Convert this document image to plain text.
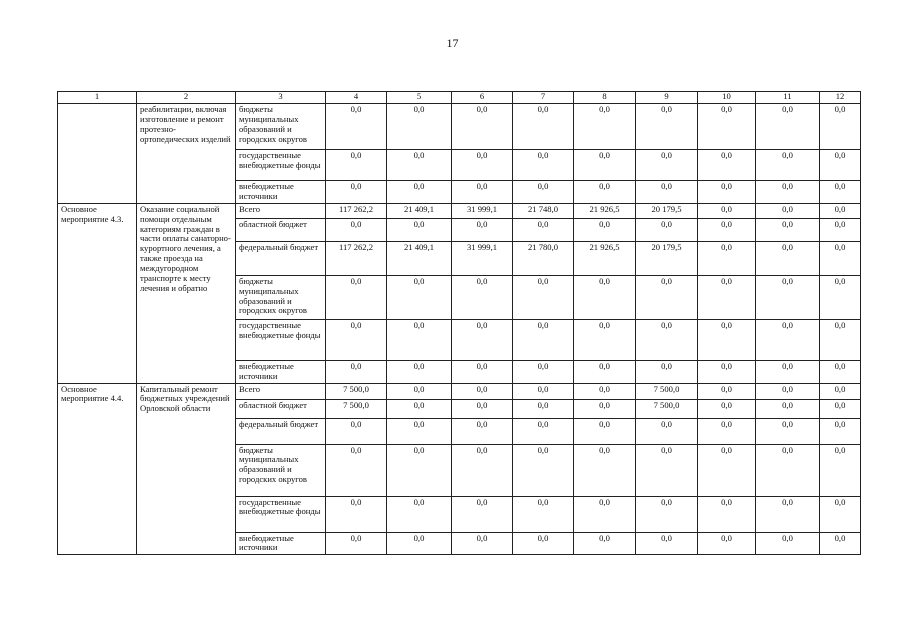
17
1	2	3	4	5	6	7	8	9	10	11	12
	реабилитации, включая изготовление и ремонт протезно-ортопедических изделий	бюджеты муниципальных образований и городских округов	0,0	0,0	0,0	0,0	0,0	0,0	0,0	0,0	0,0
		государственные внебюджетные фонды	0,0	0,0	0,0	0,0	0,0	0,0	0,0	0,0	0,0
		внебюджетные источники	0,0	0,0	0,0	0,0	0,0	0,0	0,0	0,0	0,0
Основное мероприятие 4.3.	Оказание социальной помощи отдельным категориям граждан в части оплаты санаторно-курортного лечения, а также проезда на междугородном транспорте к месту лечения и обратно	Всего	117 262,2	21 409,1	31 999,1	21 748,0	21 926,5	20 179,5	0,0	0,0	0,0
		областной бюджет	0,0	0,0	0,0	0,0	0,0	0,0	0,0	0,0	0,0
		федеральный бюджет	117 262,2	21 409,1	31 999,1	21 780,0	21 926,5	20 179,5	0,0	0,0	0,0
		бюджеты муниципальных образований и городских округов	0,0	0,0	0,0	0,0	0,0	0,0	0,0	0,0	0,0
		государственные внебюджетные фонды	0,0	0,0	0,0	0,0	0,0	0,0	0,0	0,0	0,0
		внебюджетные источники	0,0	0,0	0,0	0,0	0,0	0,0	0,0	0,0	0,0
Основное мероприятие 4.4.	Капитальный ремонт бюджетных учреждений Орловской области	Всего	7 500,0	0,0	0,0	0,0	0,0	7 500,0	0,0	0,0	0,0
		областной бюджет	7 500,0	0,0	0,0	0,0	0,0	7 500,0	0,0	0,0	0,0
		федеральный бюджет	0,0	0,0	0,0	0,0	0,0	0,0	0,0	0,0	0,0
		бюджеты муниципальных образований и городских округов	0,0	0,0	0,0	0,0	0,0	0,0	0,0	0,0	0,0
		государственные внебюджетные фонды	0,0	0,0	0,0	0,0	0,0	0,0	0,0	0,0	0,0
		внебюджетные источники	0,0	0,0	0,0	0,0	0,0	0,0	0,0	0,0	0,0
